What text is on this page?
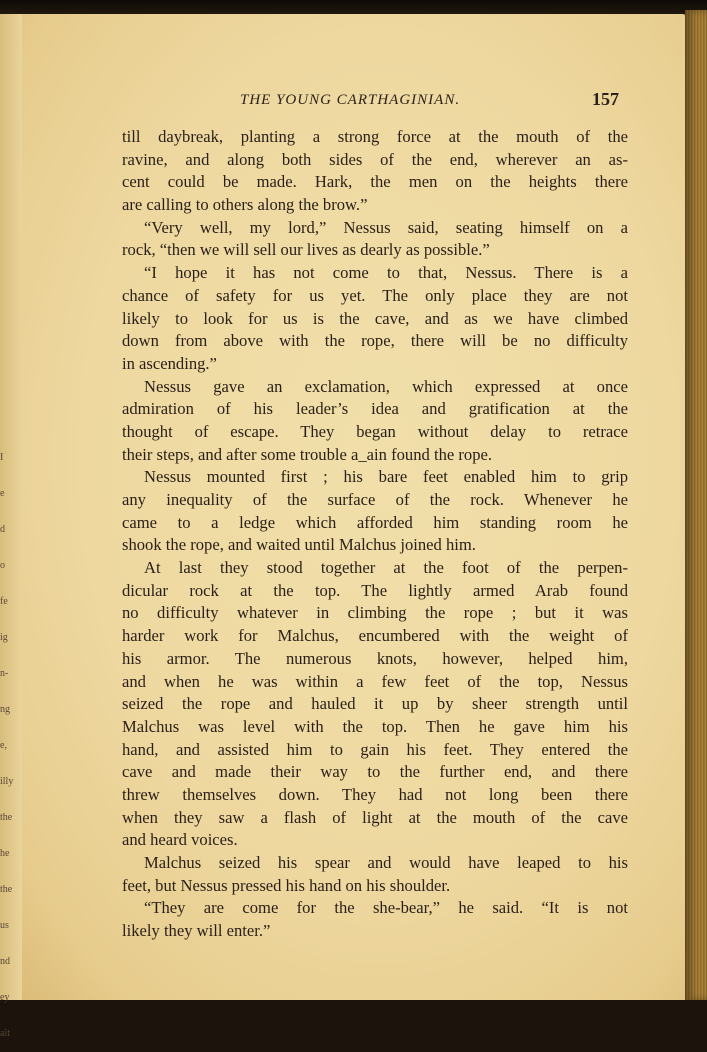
I
e
d
o
fe
ig
n-
ng
e,
illy
the
he
the
us
nd
ey
ait
THE YOUNG CARTHAGINIAN.	157
till daybreak, planting a strong force at the mouth of the
ravine, and along both sides of the end, wherever an as-
cent could be made. Hark, the men on the heights there
are calling to others along the brow.”
“Very well, my lord,” Nessus said, seating himself on a
rock, “then we will sell our lives as dearly as possible.”
“I hope it has not come to that, Nessus. There is a
chance of safety for us yet. The only place they are not
likely to look for us is the cave, and as we have climbed
down from above with the rope, there will be no difficulty
in ascending.”
Nessus gave an exclamation, which expressed at once
admiration of his leader’s idea and gratification at the
thought of escape. They began without delay to retrace
their steps, and after some trouble a_ain found the rope.
Nessus mounted first ; his bare feet enabled him to grip
any inequality of the surface of the rock. Whenever he
came to a ledge which afforded him standing room he
shook the rope, and waited until Malchus joined him.
At last they stood together at the foot of the perpen-
dicular rock at the top. The lightly armed Arab found
no difficulty whatever in climbing the rope ; but it was
harder work for Malchus, encumbered with the weight of
his armor. The numerous knots, however, helped him,
and when he was within a few feet of the top, Nessus
seized the rope and hauled it up by sheer strength until
Malchus was level with the top. Then he gave him his
hand, and assisted him to gain his feet. They entered the
cave and made their way to the further end, and there
threw themselves down. They had not long been there
when they saw a flash of light at the mouth of the cave
and heard voices.
Malchus seized his spear and would have leaped to his
feet, but Nessus pressed his hand on his shoulder.
“They are come for the she-bear,” he said. “It is not
likely they will enter.”
